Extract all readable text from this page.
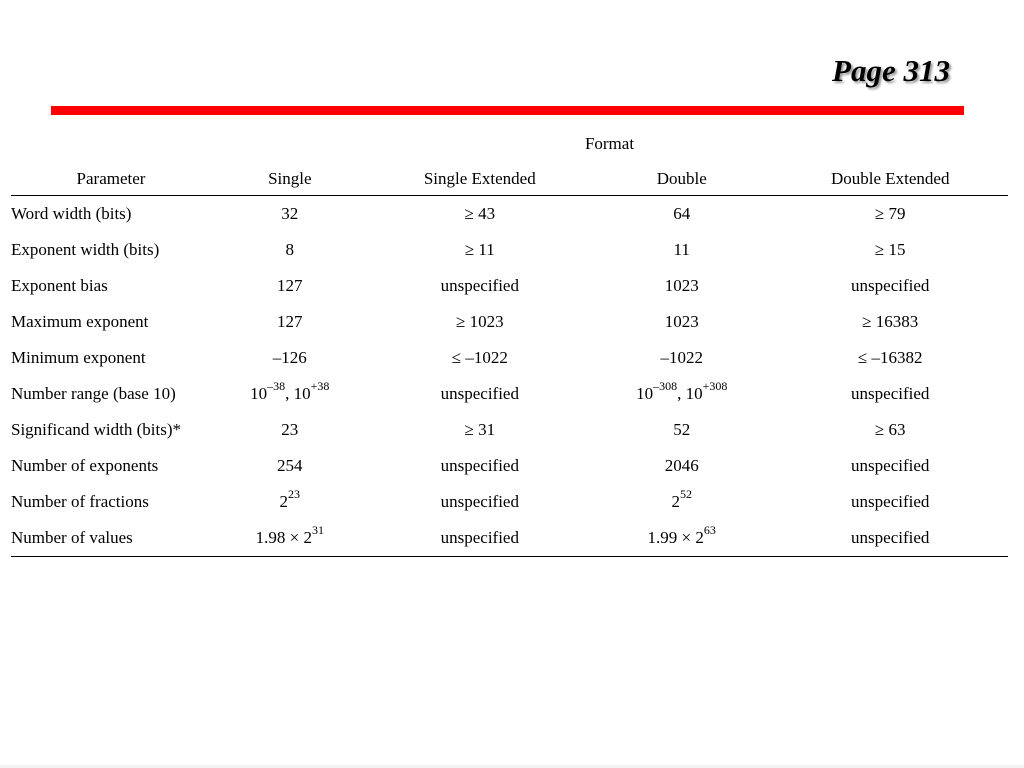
Page 313
	Format			
Parameter	Single	Single Extended	Double	Double Extended
Word width (bits)	32	≥ 43	64	≥ 79
Exponent width (bits)	8	≥ 11	11	≥ 15
Exponent bias	127	unspecified	1023	unspecified
Maximum exponent	127	≥ 1023	1023	≥ 16383
Minimum exponent	–126	≤ –1022	–1022	≤ –16382
Number range (base 10)	$10^{-38}$, $10^{+38}$	unspecified	$10^{-308}$, $10^{+308}$	unspecified
Significand width (bits)*	23	≥ 31	52	≥ 63
Number of exponents	254	unspecified	2046	unspecified
Number of fractions	$2^{23}$	unspecified	$2^{52}$	unspecified
Number of values	$1.98 \times 2^{31}$	unspecified	$1.99 \times 2^{63}$	unspecified
